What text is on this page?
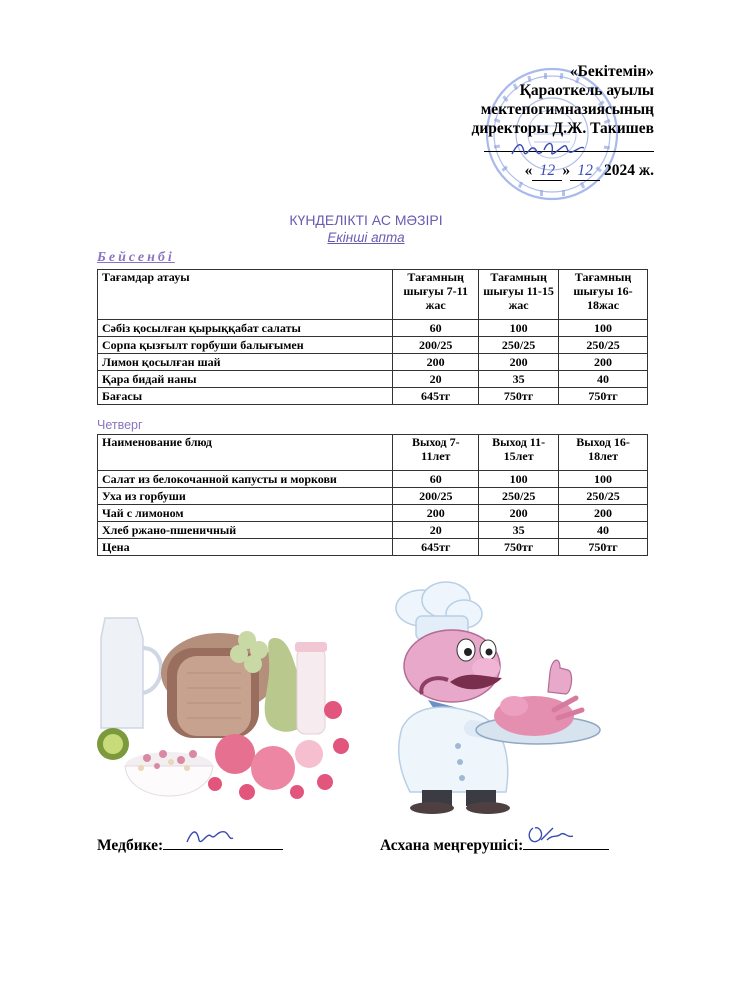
«Бекітемін»
Қараоткель ауылы
мектепогимназиясының
директоры Д.Ж. Такишев
« 12 » 12 2024 ж.
КҮНДЕЛІКТІ АС МӘЗІРІ
Екінші апта
Бейсенбі
Тағамдар атауы	Тағамның шығуы 7-11 жас	Тағамның шығуы 11-15 жас	Тағамның шығуы 16-18жас
Сәбіз қосылған қырыққабат салаты	60	100	100
Сорпа қызғылт горбуши балығымен	200/25	250/25	250/25
Лимон қосылған шай	200	200	200
Қара бидай наны	20	35	40
Бағасы	645тг	750тг	750тг
Четверг
Наименование блюд	Выход 7-11лет	Выход 11-15лет	Выход 16-18лет
Салат из белокочанной капусты и моркови	60	100	100
Уха из горбуши	200/25	250/25	250/25
Чай с лимоном	200	200	200
Хлеб ржано-пшеничный	20	35	40
Цена	645тг	750тг	750тг
Медбике:	Асхана меңгерушісі:
